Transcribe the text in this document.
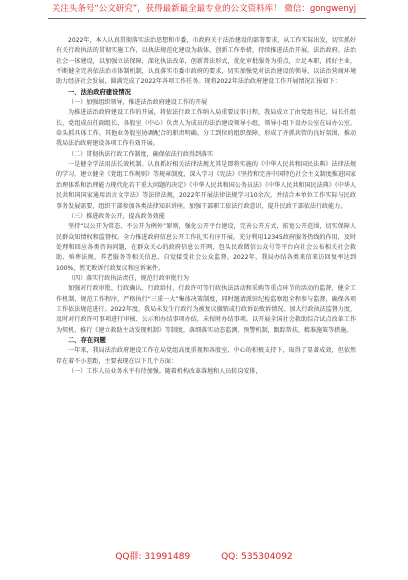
关注头条号“公文研究”，获得最新最全最专业的公文资料库！ 微信：gongwenyj

2022年，本人认真贯彻落实法治思想和市委、市政府关于法治建设的部署要求，从工作实际出发，切实抓好有关行政执法的贯彻实施工作，以执法规范化建设为载体，创新工作举措，持续推进法治开展，法治政府、法治社会一体建设，以加强立法保障，深化执法改革，创新普法形式，优化审批服务为重点，立足本职，抓好主业，不断健全完善依法治市体制机制，认真落实市委市政府的要求，切实加强党对法治建设的领导，以法治营商环境助力经济社会发展，圆满完成了2022年各项工作任务。现将2022年法治政府建设工作开展情况汇报如下：

一、法治政府建设情况
（一）加强组织领导，推进法治政府建设工作的开展

为推进法治政府建设工作的开展，将依法行政工作纳入局重要议事日程，我局成立了由党组书记、局长任组长，党组成员任副组长，各股室（中心）负责人为成员的法治建设领导小组，领导小组下设办公室在局办公室，牵头抓具体工作。其他业务股室协调配合的职责明确、分工到位的组织保障，形成了齐抓共管的良好氛围，推动我局法治政府建设各项工作有效开展。

（二）贯彻执法行政工作制度，确保依法行政得到落实

一是健全学法用法长效机制。认真抓好相关法律法规尤其是即将实施的《中华人民共和国民法典》法律法规的学习，建立健全《党组工作规则》等规章制度，深入学习《宪法》《坚持和完善中国特色社会主义制度推进国家治理体系和治理能力现代化若干重大问题的决定》《中华人民共和国公务员法》《中华人民共和国民法典》《中华人民共和国国家通用语言文字法》等法律法规，2022年开展法律法规学习10余次，并结合本单位工作实际与民政事务发展需要，组织干部参加各类法律知识讲座，加强干部职工依法行政意识，提升民政干部依法行政能力。

（三）推进政务公开，提高政务效能

坚持“以公开为常态、不公开为例外”原则，强化公开平台建设，完善公开方式，拓宽公开范围，切实保障人民群众知情权和监督权。全力推进政府信息公开工作扎实有序开展。充分利用12345政府服务热线的作用，及时处理和回应各类咨询问题，在群众关心的政府信息公开网、包头民政微信公众号等平台向社会公布相关社会救助、殡葬法规、养老服务等相关信息，自觉接受社会公众监督。2022年，我局办结各类来信来访回复率达到100%，暂无败诉行政复议和应诉案件。

（四）落实行政执法责任，规范行政审批行为

加强对行政审批、行政确认、行政给付、行政许可等行政执法活动和采购等重点环节的活动的监督，健全工作机制，规范工作程序，严格执行“三重一大”集体决策制度，同时邀请派驻纪检监察组全程参与监督，确保各项工作依法规范进行。2022年度，我局未发生行政行为被复议撤销或行政诉讼败诉情况。加大行政执法监督力度，及时对行政许可事项进行审核、公示和办结事项办结，未按时办结事项。以开展全国社会救助综合试点改革工作为契机，推行《建立救助主动发现机制》等制度，落细落实动态监测、预警机制，跟踪帮扶，精准施策等措施。

二、存在问题

一年来，我局法治政府建设工作在局党组高度重视和各股室、中心的积极支持下，取得了显著成效，但依然存在着不小差距，主要表现在以下几个方面：

（一）工作人员业务水平有待加强。随着机构改革落地和人员转岗安排，

QQ群: 31991489	QQ: 535304092
